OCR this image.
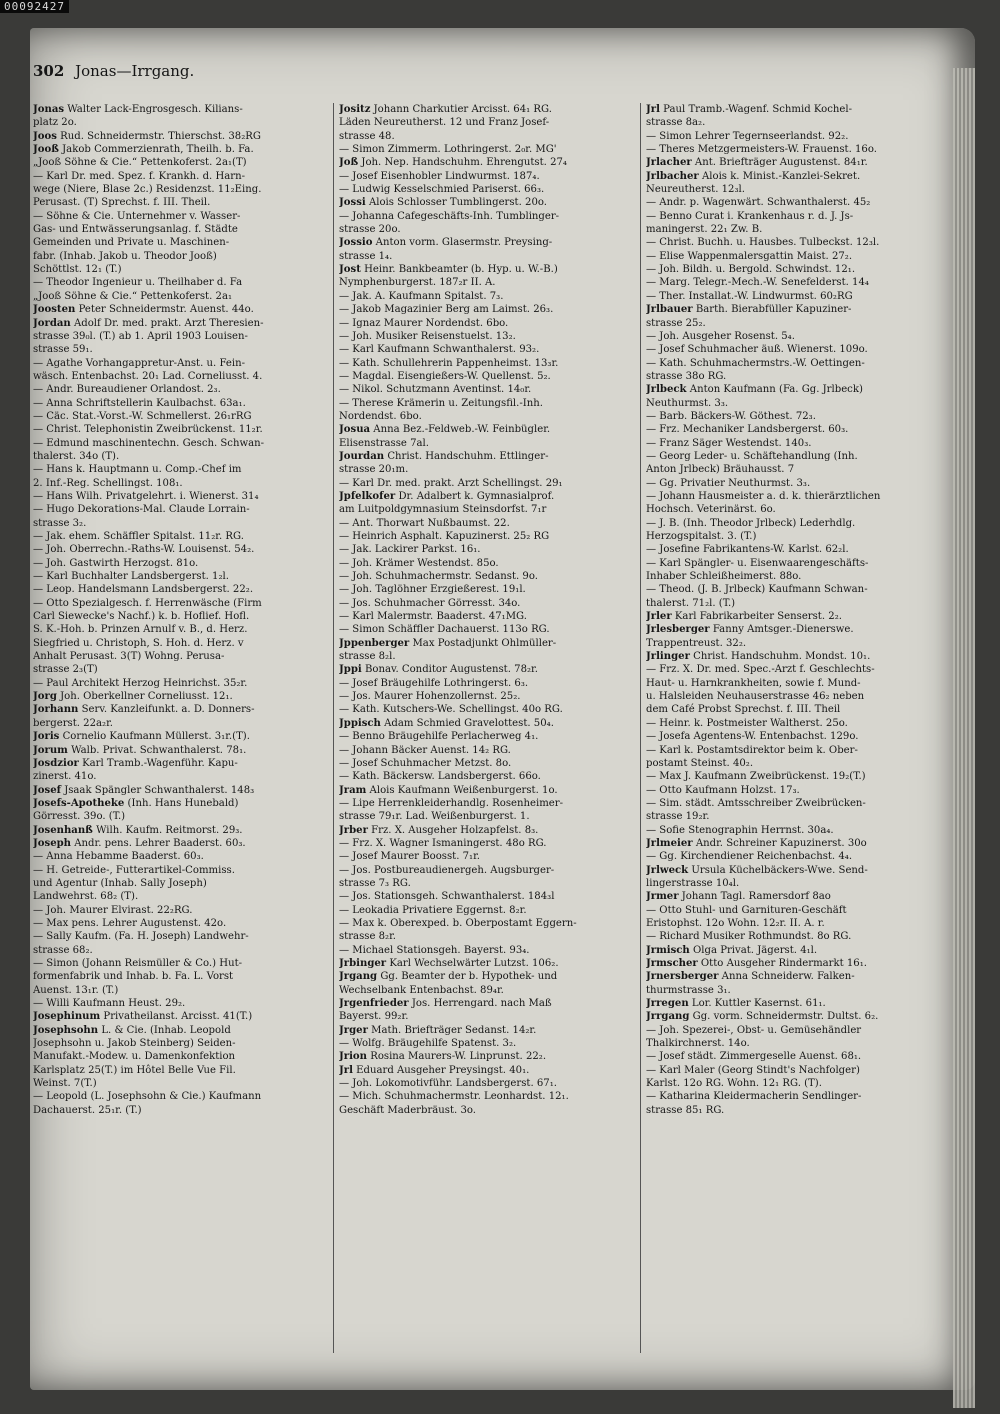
00092427
302 Jonas—Irrgang.
Jonas Walter Lack-Engrosgesch. Kilians-
platz 2o.
Joos Rud. Schneidermstr. Thierschst. 38₂RG
Jooß Jakob Commerzienrath, Theilh. b. Fa.
„Jooß Söhne & Cie.“ Pettenkoferst. 2a₁(T)
— Karl Dr. med. Spez. f. Krankh. d. Harn-
wege (Niere, Blase 2c.) Residenzst. 11₂Eing.
Perusast. (T) Sprechst. f. III. Theil.
— Söhne & Cie. Unternehmer v. Wasser-
Gas- und Entwässerungsanlag. f. Städte
Gemeinden und Private u. Maschinen-
fabr. (Inhab. Jakob u. Theodor Jooß)
Schöttlst. 12₁ (T.)
— Theodor Ingenieur u. Theilhaber d. Fa
„Jooß Söhne & Cie.“ Pettenkoferst. 2a₁
Joosten Peter Schneidermstr. Auenst. 44o.
Jordan Adolf Dr. med. prakt. Arzt Theresien-
strasse 39₀l. (T.) ab 1. April 1903 Louisen-
strasse 59₁.
— Agathe Vorhangappretur-Anst. u. Fein-
wäsch. Entenbachst. 20₁ Lad. Corneliusst. 4.
— Andr. Bureaudiener Orlandost. 2₃.
— Anna Schriftstellerin Kaulbachst. 63a₁.
— Cäc. Stat.-Vorst.-W. Schmellerst. 26₁rRG
— Christ. Telephonistin Zweibrückenst. 11₂r.
— Edmund maschinentechn. Gesch. Schwan-
thalerst. 34o (T).
— Hans k. Hauptmann u. Comp.-Chef im
2. Inf.-Reg. Schellingst. 108₁.
— Hans Wilh. Privatgelehrt. i. Wienerst. 31₄
— Hugo Dekorations-Mal. Claude Lorrain-
strasse 3₂.
— Jak. ehem. Schäffler Spitalst. 11₂r. RG.
— Joh. Oberrechn.-Raths-W. Louisenst. 54₂.
— Joh. Gastwirth Herzogst. 81o.
— Karl Buchhalter Landsbergerst. 1₂l.
— Leop. Handelsmann Landsbergerst. 22₂.
— Otto Spezialgesch. f. Herrenwäsche (Firm
Carl Siewecke's Nachf.) k. b. Hoflief. Hofl.
S. K.-Hoh. b. Prinzen Arnulf v. B., d. Herz.
Siegfried u. Christoph, S. Hoh. d. Herz. v
Anhalt Perusast. 3(T) Wohng. Perusa-
strasse 2₃(T)
— Paul Architekt Herzog Heinrichst. 35₂r.
Jorg Joh. Oberkellner Corneliusst. 12₁.
Jorhann Serv. Kanzleifunkt. a. D. Donners-
bergerst. 22a₂r.
Joris Cornelio Kaufmann Müllerst. 3₁r.(T).
Jorum Walb. Privat. Schwanthalerst. 78₁.
Josdzior Karl Tramb.-Wagenführ. Kapu-
zinerst. 41o.
Josef Jsaak Spängler Schwanthalerst. 148₃
Josefs-Apotheke (Inh. Hans Hunebald)
Görresst. 39o. (T.)
Josenhanß Wilh. Kaufm. Reitmorst. 29₃.
Joseph Andr. pens. Lehrer Baaderst. 60₃.
— Anna Hebamme Baaderst. 60₃.
— H. Getreide-, Futterartikel-Commiss.
und Agentur (Inhab. Sally Joseph)
Landwehrst. 68₂ (T).
— Joh. Maurer Elvirast. 22₂RG.
— Max pens. Lehrer Augustenst. 42o.
— Sally Kaufm. (Fa. H. Joseph) Landwehr-
strasse 68₂.
— Simon (Johann Reismüller & Co.) Hut-
formenfabrik und Inhab. b. Fa. L. Vorst
Auenst. 13₁r. (T.)
— Willi Kaufmann Heust. 29₂.
Josephinum Privatheilanst. Arcisst. 41(T.)
Josephsohn L. & Cie. (Inhab. Leopold
Josephsohn u. Jakob Steinberg) Seiden-
Manufakt.-Modew. u. Damenkonfektion
Karlsplatz 25(T.) im Hôtel Belle Vue Fil.
Weinst. 7(T.)
— Leopold (L. Josephsohn & Cie.) Kaufmann
Dachauerst. 25₁r. (T.)
Jositz Johann Charkutier Arcisst. 64₁ RG.
Läden Neureutherst. 12 und Franz Josef-
strasse 48.
— Simon Zimmerm. Lothringerst. 2₀r. MG'
Joß Joh. Nep. Handschuhm. Ehrengutst. 27₄
— Josef Eisenhobler Lindwurmst. 187₄.
— Ludwig Kesselschmied Pariserst. 66₃.
Jossi Alois Schlosser Tumblingerst. 20o.
— Johanna Cafegeschäfts-Inh. Tumblinger-
strasse 20o.
Jossio Anton vorm. Glasermstr. Preysing-
strasse 1₄.
Jost Heinr. Bankbeamter (b. Hyp. u. W.-B.)
Nymphenburgerst. 187₂r II. A.
— Jak. A. Kaufmann Spitalst. 7₃.
— Jakob Magazinier Berg am Laimst. 26₃.
— Ignaz Maurer Nordendst. 6bo.
— Joh. Musiker Reisenstuelst. 13₂.
— Karl Kaufmann Schwanthalerst. 93₂.
— Kath. Schullehrerin Pappenheimst. 13₃r.
— Magdal. Eisengießers-W. Quellenst. 5₂.
— Nikol. Schutzmann Aventinst. 14₀r.
— Therese Krämerin u. Zeitungsfil.-Inh.
Nordendst. 6bo.
Josua Anna Bez.-Feldweb.-W. Feinbügler.
Elisenstrasse 7al.
Jourdan Christ. Handschuhm. Ettlinger-
strasse 20₁m.
— Karl Dr. med. prakt. Arzt Schellingst. 29₁
Jpfelkofer Dr. Adalbert k. Gymnasialprof.
am Luitpoldgymnasium Steinsdorfst. 7₁r
— Ant. Thorwart Nußbaumst. 22.
— Heinrich Asphalt. Kapuzinerst. 25₂ RG
— Jak. Lackirer Parkst. 16₁.
— Joh. Krämer Westendst. 85o.
— Joh. Schuhmachermstr. Sedanst. 9o.
— Joh. Taglöhner Erzgießerest. 19₁l.
— Jos. Schuhmacher Görresst. 34o.
— Karl Malermstr. Baaderst. 47₁MG.
— Simon Schäffler Dachauerst. 113o RG.
Jppenberger Max Postadjunkt Ohlmüller-
strasse 8₂l.
Jppi Bonav. Conditor Augustenst. 78₂r.
— Josef Bräugehilfe Lothringerst. 6₃.
— Jos. Maurer Hohenzollernst. 25₂.
— Kath. Kutschers-We. Schellingst. 40o RG.
Jppisch Adam Schmied Gravelottest. 50₄.
— Benno Bräugehilfe Perlacherweg 4₁.
— Johann Bäcker Auenst. 14₂ RG.
— Josef Schuhmacher Metzst. 8o.
— Kath. Bäckersw. Landsbergerst. 66o.
Jram Alois Kaufmann Weißenburgerst. 1o.
— Lipe Herrenkleiderhandlg. Rosenheimer-
strasse 79₁r. Lad. Weißenburgerst. 1.
Jrber Frz. X. Ausgeher Holzapfelst. 8₃.
— Frz. X. Wagner Ismaningerst. 48o RG.
— Josef Maurer Boosst. 7₁r.
— Jos. Postbureaudienergeh. Augsburger-
strasse 7₃ RG.
— Jos. Stationsgeh. Schwanthalerst. 184₃l
— Leokadia Privatiere Eggernst. 8₂r.
— Max k. Oberexped. b. Oberpostamt Eggern-
strasse 8₂r.
— Michael Stationsgeh. Bayerst. 93₄.
Jrbinger Karl Wechselwärter Lutzst. 106₂.
Jrgang Gg. Beamter der b. Hypothek- und
Wechselbank Entenbachst. 89₄r.
Jrgenfrieder Jos. Herrengard. nach Maß
Bayerst. 99₂r.
Jrger Math. Briefträger Sedanst. 14₂r.
— Wolfg. Bräugehilfe Spatenst. 3₂.
Jrion Rosina Maurers-W. Linprunst. 22₂.
Jrl Eduard Ausgeher Preysingst. 40₁.
— Joh. Lokomotivführ. Landsbergerst. 67₁.
— Mich. Schuhmachermstr. Leonhardst. 12₁.
Geschäft Maderbräust. 3o.
Jrl Paul Tramb.-Wagenf. Schmid Kochel-
strasse 8a₂.
— Simon Lehrer Tegernseerlandst. 92₂.
— Theres Metzgermeisters-W. Frauenst. 16o.
Jrlacher Ant. Briefträger Augustenst. 84₁r.
Jrlbacher Alois k. Minist.-Kanzlei-Sekret.
Neureutherst. 12₃l.
— Andr. p. Wagenwärt. Schwanthalerst. 45₂
— Benno Curat i. Krankenhaus r. d. J. Js-
maningerst. 22₁ Zw. B.
— Christ. Buchh. u. Hausbes. Tulbeckst. 12₃l.
— Elise Wappenmalersgattin Maist. 27₂.
— Joh. Bildh. u. Bergold. Schwindst. 12₁.
— Marg. Telegr.-Mech.-W. Senefelderst. 14₄
— Ther. Installat.-W. Lindwurmst. 60₂RG
Jrlbauer Barth. Bierabfüller Kapuziner-
strasse 25₂.
— Joh. Ausgeher Rosenst. 5₄.
— Josef Schuhmacher äuß. Wienerst. 109o.
— Kath. Schuhmachermstrs.-W. Oettingen-
strasse 38o RG.
Jrlbeck Anton Kaufmann (Fa. Gg. Jrlbeck)
Neuthurmst. 3₃.
— Barb. Bäckers-W. Göthest. 72₃.
— Frz. Mechaniker Landsbergerst. 60₃.
— Franz Säger Westendst. 140₃.
— Georg Leder- u. Schäftehandlung (Inh.
Anton Jrlbeck) Bräuhausst. 7
— Gg. Privatier Neuthurmst. 3₃.
— Johann Hausmeister a. d. k. thierärztlichen
Hochsch. Veterinärst. 6o.
— J. B. (Inh. Theodor Jrlbeck) Lederhdlg.
Herzogspitalst. 3. (T.)
— Josefine Fabrikantens-W. Karlst. 62₂l.
— Karl Spängler- u. Eisenwaarengeschäfts-
Inhaber Schleißheimerst. 88o.
— Theod. (J. B. Jrlbeck) Kaufmann Schwan-
thalerst. 71₂l. (T.)
Jrler Karl Fabrikarbeiter Senserst. 2₂.
Jrlesberger Fanny Amtsger.-Dienerswe.
Trappentreust. 32₂.
Jrlinger Christ. Handschuhm. Mondst. 10₁.
— Frz. X. Dr. med. Spec.-Arzt f. Geschlechts-
Haut- u. Harnkrankheiten, sowie f. Mund-
u. Halsleiden Neuhauserstrasse 46₂ neben
dem Café Probst Sprechst. f. III. Theil
— Heinr. k. Postmeister Waltherst. 25o.
— Josefa Agentens-W. Entenbachst. 129o.
— Karl k. Postamtsdirektor beim k. Ober-
postamt Steinst. 40₂.
— Max J. Kaufmann Zweibrückenst. 19₂(T.)
— Otto Kaufmann Holzst. 17₃.
— Sim. städt. Amtsschreiber Zweibrücken-
strasse 19₂r.
— Sofie Stenographin Herrnst. 30a₄.
Jrlmeier Andr. Schreiner Kapuzinerst. 30o
— Gg. Kirchendiener Reichenbachst. 4₄.
Jrlweck Ursula Küchelbäckers-Wwe. Send-
lingerstrasse 10₄l.
Jrmer Johann Tagl. Ramersdorf 8ao
— Otto Stuhl- und Garnituren-Geschäft
Eristophst. 12o Wohn. 12₂r. II. A. r.
— Richard Musiker Rothmundst. 8o RG.
Jrmisch Olga Privat. Jägerst. 4₁l.
Jrmscher Otto Ausgeher Rindermarkt 16₁.
Jrnersberger Anna Schneiderw. Falken-
thurmstrasse 3₁.
Jrregen Lor. Kuttler Kasernst. 61₁.
Jrrgang Gg. vorm. Schneidermstr. Dultst. 6₂.
— Joh. Spezerei-, Obst- u. Gemüsehändler
Thalkirchnerst. 14o.
— Josef städt. Zimmergeselle Auenst. 68₁.
— Karl Maler (Georg Stindt's Nachfolger)
Karlst. 12o RG. Wohn. 12₁ RG. (T).
— Katharina Kleidermacherin Sendlinger-
strasse 85₁ RG.
